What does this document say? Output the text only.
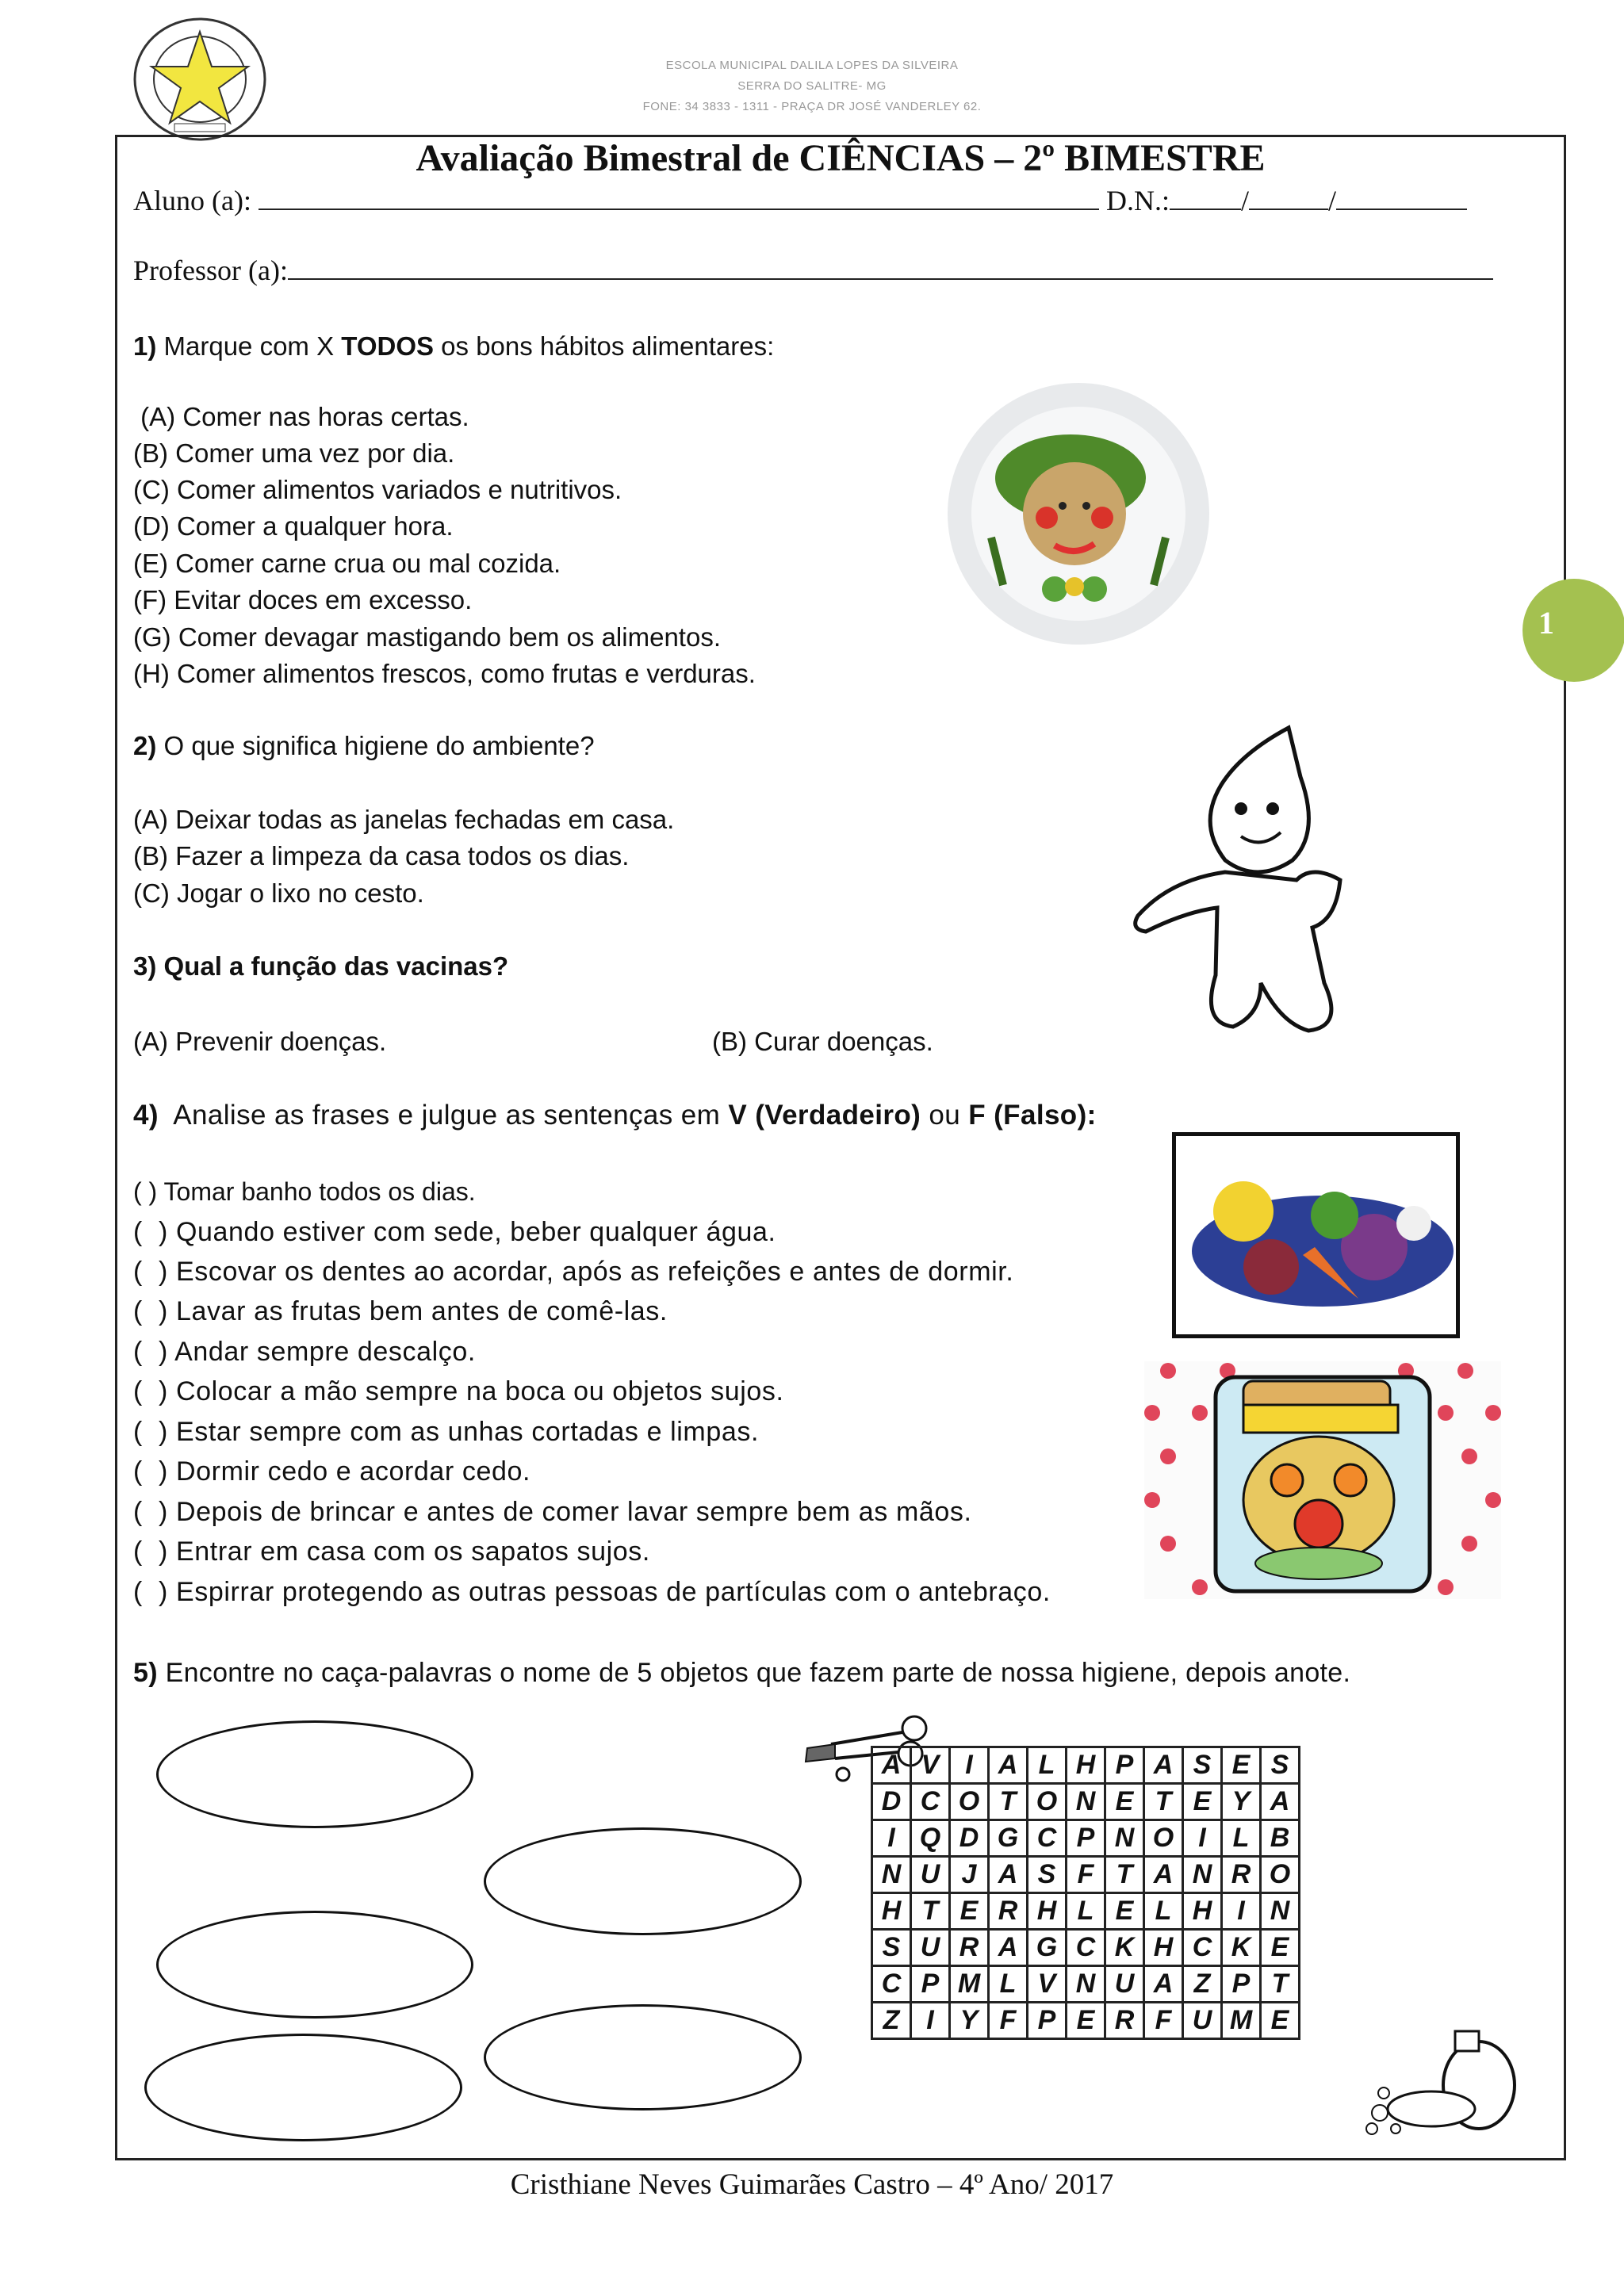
ESCOLA MUNICIPAL DALILA LOPES DA SILVEIRA
SERRA DO SALITRE- MG
FONE: 34 3833 - 1311 - PRAÇA DR JOSÉ VANDERLEY 62.
Avaliação Bimestral de CIÊNCIAS – 2º BIMESTRE
Aluno (a):	D.N.:	/	/
Professor (a):
1
1) Marque com X TODOS os bons hábitos alimentares:
(A) Comer nas horas certas.
(B) Comer uma vez por dia.
(C) Comer alimentos variados e nutritivos.
(D) Comer a qualquer hora.
(E) Comer carne crua ou mal cozida.
(F) Evitar doces em excesso.
(G) Comer devagar mastigando bem os alimentos.
(H) Comer alimentos frescos, como frutas e verduras.
2) O que significa higiene do ambiente?
(A) Deixar todas as janelas fechadas em casa.
(B) Fazer a limpeza da casa todos os dias.
(C) Jogar o lixo no cesto.
3) Qual a função das vacinas?
(A) Prevenir doenças.	(B) Curar doenças.
4)  Analise as frases e julgue as sentenças em V (Verdadeiro) ou F (Falso):
( ) Tomar banho todos os dias.
(  ) Quando estiver com sede, beber qualquer água.
(  ) Escovar os dentes ao acordar, após as refeições e antes de dormir.
(  ) Lavar as frutas bem antes de comê-las.
(  ) Andar sempre descalço.
(  ) Colocar a mão sempre na boca ou objetos sujos.
(  ) Estar sempre com as unhas cortadas e limpas.
(  ) Dormir cedo e acordar cedo.
(  ) Depois de brincar e antes de comer lavar sempre bem as mãos.
(  ) Entrar em casa com os sapatos sujos.
(  ) Espirrar protegendo as outras pessoas de partículas com o antebraço.
5) Encontre no caça-palavras o nome de 5 objetos que fazem parte de nossa higiene, depois anote.
A	V	I	A	L	H	P	A	S	E	S
D	C	O	T	O	N	E	T	E	Y	A
I	Q	D	G	C	P	N	O	I	L	B
N	U	J	A	S	F	T	A	N	R	O
H	T	E	R	H	L	E	L	H	I	N
S	U	R	A	G	C	K	H	C	K	E
C	P	M	L	V	N	U	A	Z	P	T
Z	I	Y	F	P	E	R	F	U	M	E
Cristhiane Neves Guimarães Castro – 4º Ano/ 2017
